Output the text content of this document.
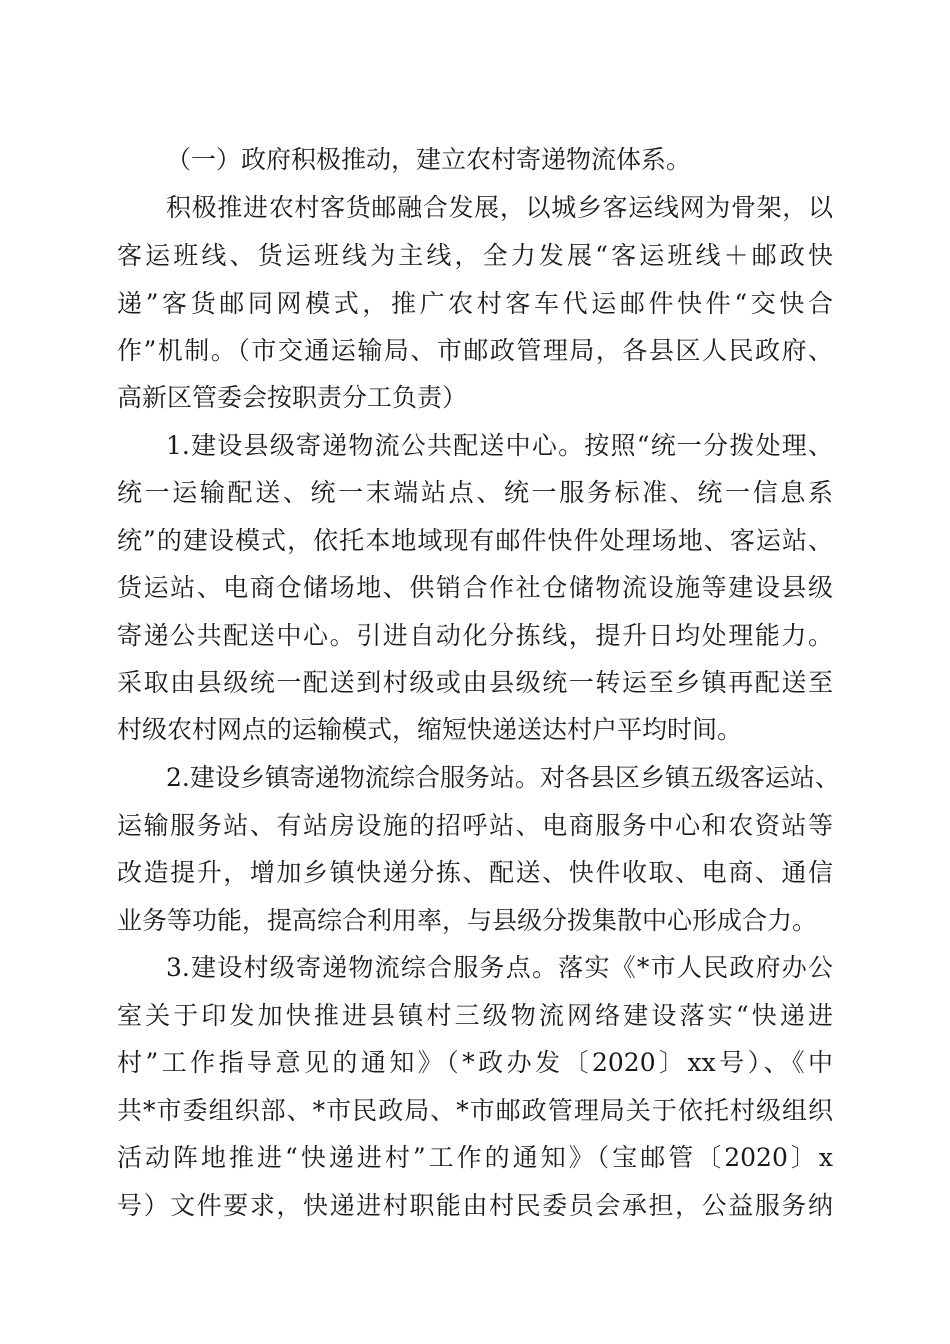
（一）政府积极推动，建立农村寄递物流体系。
积极推进农村客货邮融合发展，以城乡客运线网为骨架，以
客运班线、货运班线为主线，全力发展“客运班线＋邮政快
递”客货邮同网模式，推广农村客车代运邮件快件“交快合
作”机制。（市交通运输局、市邮政管理局，各县区人民政府、
高新区管委会按职责分工负责）
1.建设县级寄递物流公共配送中心。按照“统一分拨处理、
统一运输配送、统一末端站点、统一服务标准、统一信息系
统”的建设模式，依托本地域现有邮件快件处理场地、客运站、
货运站、电商仓储场地、供销合作社仓储物流设施等建设县级
寄递公共配送中心。引进自动化分拣线，提升日均处理能力。
采取由县级统一配送到村级或由县级统一转运至乡镇再配送至
村级农村网点的运输模式，缩短快递送达村户平均时间。
2.建设乡镇寄递物流综合服务站。对各县区乡镇五级客运站、
运输服务站、有站房设施的招呼站、电商服务中心和农资站等
改造提升，增加乡镇快递分拣、配送、快件收取、电商、通信
业务等功能，提高综合利用率，与县级分拨集散中心形成合力。
3.建设村级寄递物流综合服务点。落实《*市人民政府办公
室关于印发加快推进县镇村三级物流网络建设落实“快递进
村”工作指导意见的通知》（*政办发〔2020〕xx号）、《中
共*市委组织部、*市民政局、*市邮政管理局关于依托村级组织
活动阵地推进“快递进村”工作的通知》（宝邮管〔2020〕x
号）文件要求，快递进村职能由村民委员会承担，公益服务纳
